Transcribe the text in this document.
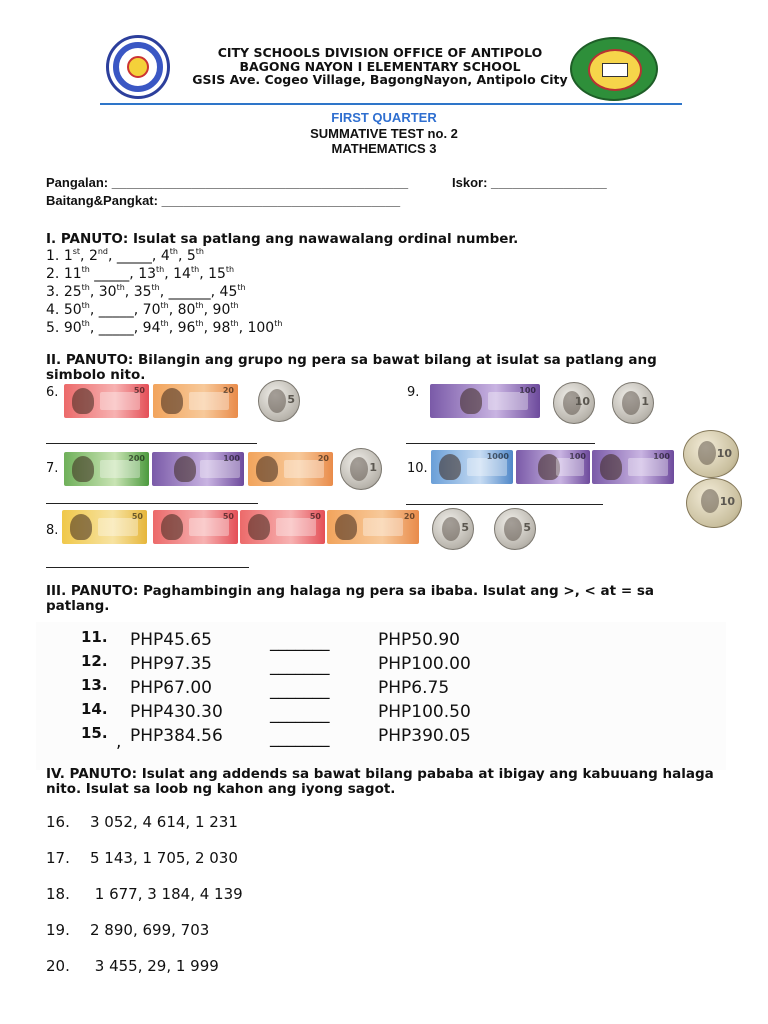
CITY SCHOOLS DIVISION OFFICE OF ANTIPOLO
BAGONG NAYON I ELEMENTARY SCHOOL
GSIS Ave. Cogeo Village, BagongNayon, Antipolo City
FIRST QUARTER
SUMMATIVE TEST no. 2
MATHEMATICS 3
Pangalan: _________________________________________	Iskor: ________________
Baitang&Pangkat: _________________________________
I. PANUTO: Isulat sa patlang ang nawawalang ordinal number.
1. 1st, 2nd, _____, 4th, 5th
2. 11th _____, 13th, 14th, 15th
3. 25th, 30th, 35th, ______, 45th
4. 50th, _____, 70th, 80th, 90th
5. 90th, _____, 94th, 96th, 98th, 100th
II. PANUTO: Bilangin ang grupo ng pera sa bawat bilang at isulat sa patlang ang simbolo nito.
6.	50	20
5	9.	100
10	1
7.
200	100	20
1 10.
1000	100	100	10
10
8.
50	50	50	20
5	5
III. PANUTO: Paghambingin ang halaga ng pera sa ibaba. Isulat ang >, < at = sa patlang.
11. PHP45.65	_______	PHP50.90
12. PHP97.35	_______	PHP100.00
13. PHP67.00	_______	PHP6.75
14. PHP430.30	_______	PHP100.50
15. PHP384.56	_______	PHP390.05
,
IV. PANUTO: Isulat ang addends sa bawat bilang pababa at ibigay ang kabuuang halaga nito. Isulat sa loob ng kahon ang iyong sagot.
16. 3 052, 4 614, 1 231
17. 5 143, 1 705, 2 030
18. 1 677, 3 184, 4 139
19. 2 890, 699, 703
20. 3 455, 29, 1 999
